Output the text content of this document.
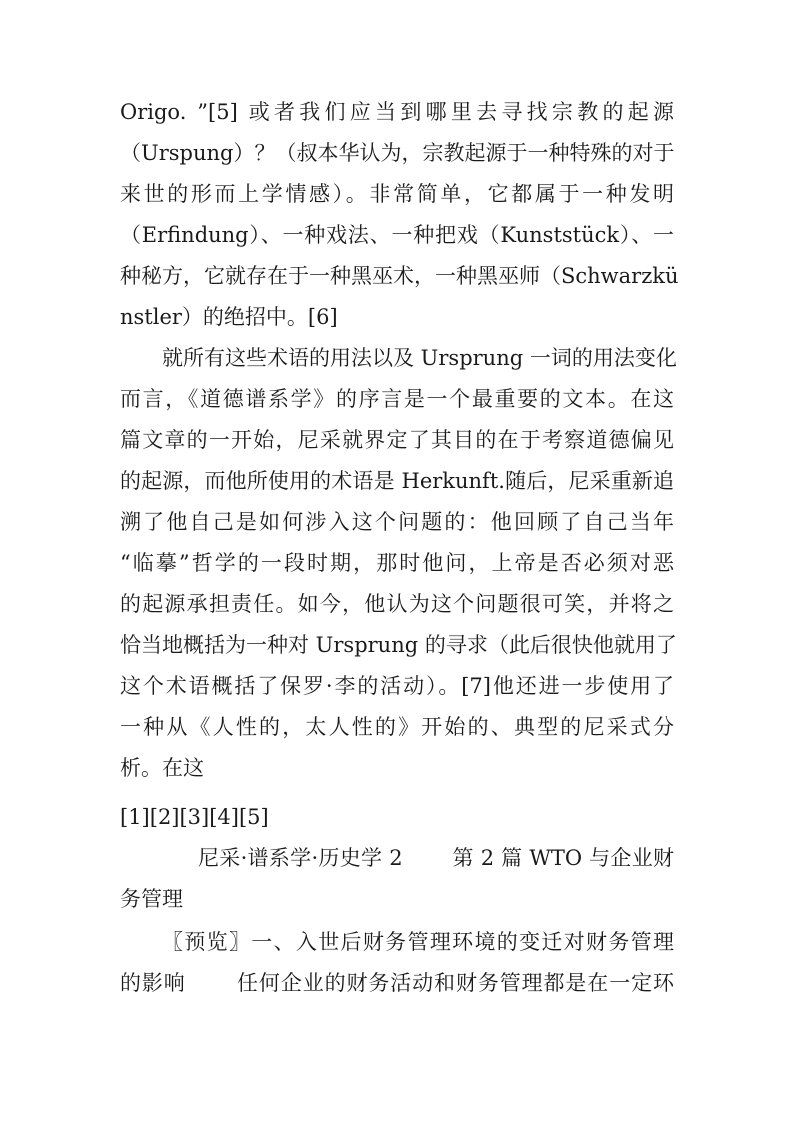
Origo. ”[5] 或者我们应当到哪里去寻找宗教的起源
（Urspung）？（叔本华认为，宗教起源于一种特殊的对于
来世的形而上学情感）。非常简单，它都属于一种发明
（Erfindung）、一种戏法、一种把戏（Kunststück）、一
种秘方，它就存在于一种黑巫术，一种黑巫师（Schwarzkü
nstler）的绝招中。[6]
就所有这些术语的用法以及 Ursprung 一词的用法变化
而言，《道德谱系学》的序言是一个最重要的文本。在这
篇文章的一开始，尼采就界定了其目的在于考察道德偏见
的起源，而他所使用的术语是 Herkunft.随后，尼采重新追
溯了他自己是如何涉入这个问题的：他回顾了自己当年
“临摹”哲学的一段时期，那时他问，上帝是否必须对恶
的起源承担责任。如今，他认为这个问题很可笑，并将之
恰当地概括为一种对 Ursprung 的寻求（此后很快他就用了
这个术语概括了保罗·李的活动）。[7]他还进一步使用了
一种从《人性的，太人性的》开始的、典型的尼采式分
析。在这
[1][2][3][4][5]
尼采·谱系学·历史学 2　　 第 2 篇 WTO 与企业财
务管理
〖预览〗一、入世后财务管理环境的变迁对财务管理
的影响　　 任何企业的财务活动和财务管理都是在一定环
